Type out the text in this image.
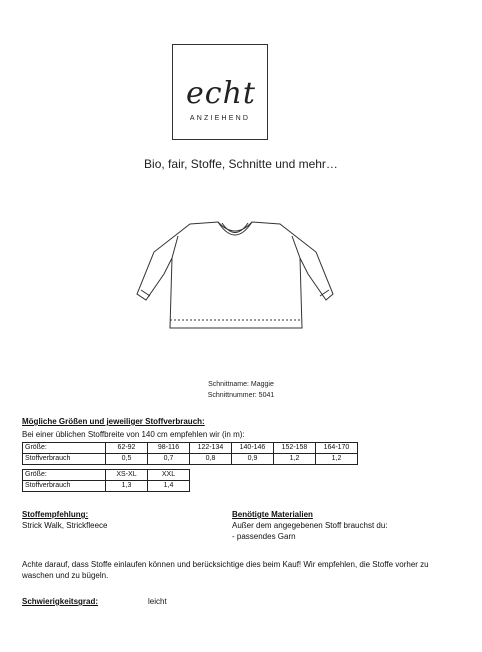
echt
ANZIEHEND
Bio, fair, Stoffe, Schnitte und mehr…
Schnittname: Maggie
Schnittnummer: 5041
Mögliche Größen und jeweiliger Stoffverbrauch:
Bei einer üblichen Stoffbreite von 140 cm empfehlen wir (in m):
Größe:	62-92	98-116	122-134	140-146	152-158	164-170
Stoffverbrauch	0,5	0,7	0,8	0,9	1,2	1,2
Größe:	XS-XL	XXL
Stoffverbrauch	1,3	1,4
Stoffempfehlung:
Strick Walk, Strickfleece
Benötigte Materialien
Außer dem angegebenen Stoff brauchst du:
- passendes Garn
Achte darauf, dass Stoffe einlaufen können und berücksichtige dies beim Kauf! Wir empfehlen, die Stoffe vorher zu waschen und zu bügeln.
Schwierigkeitsgrad:	leicht
